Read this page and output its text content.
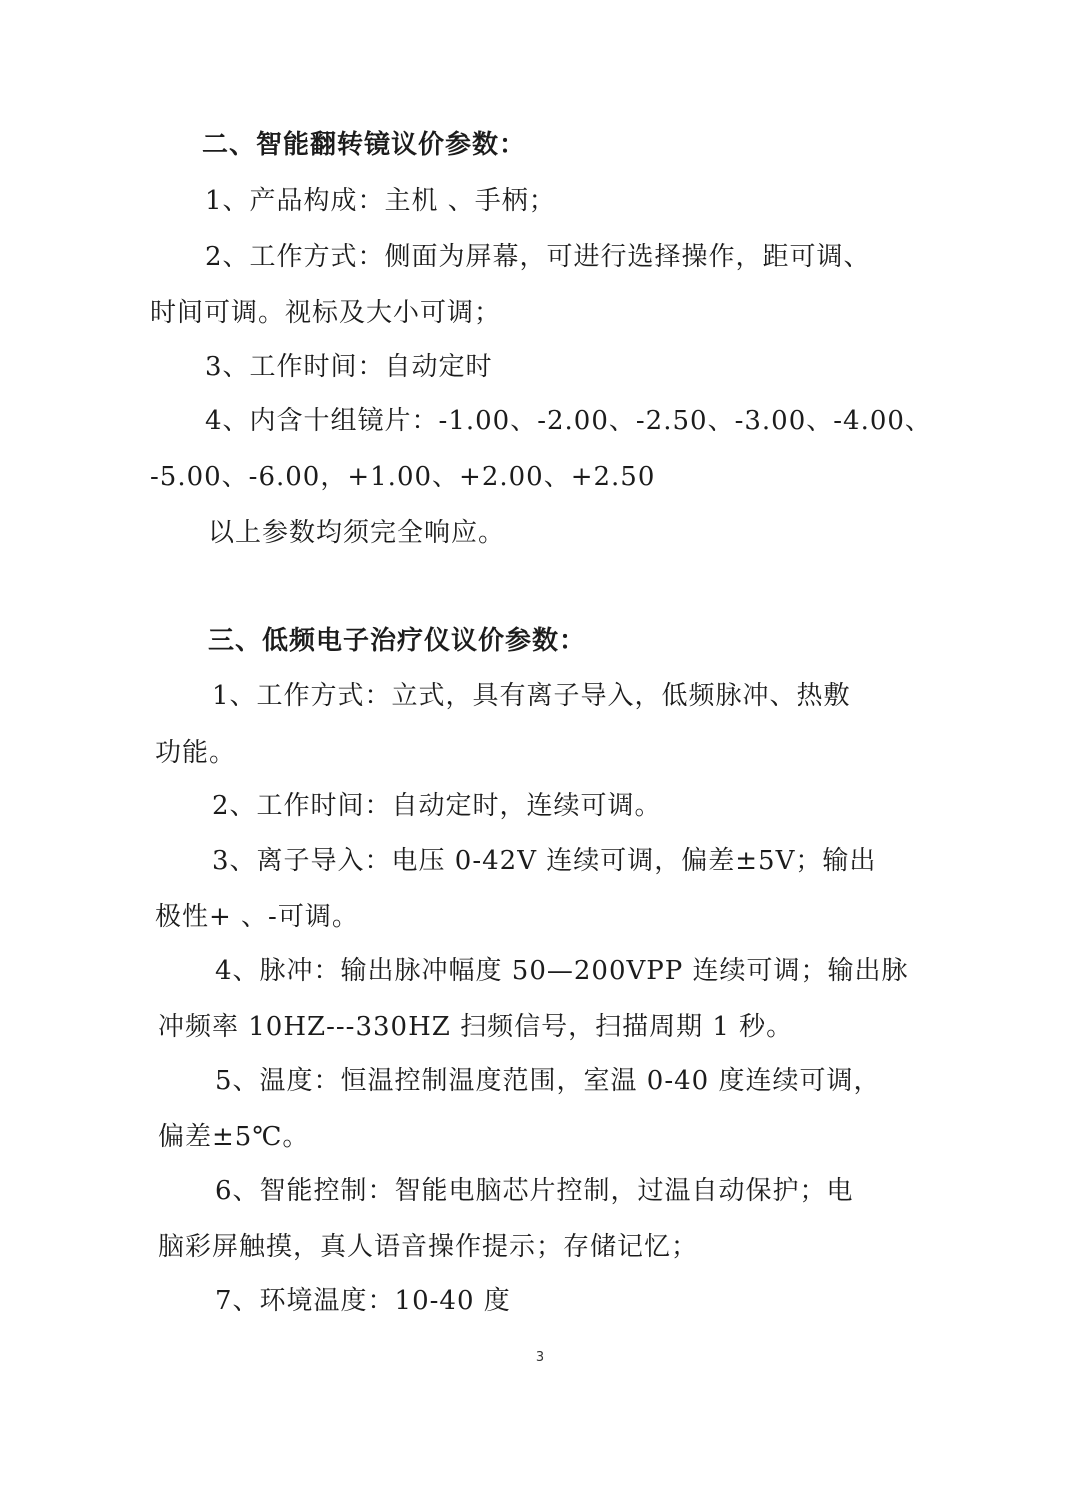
二、智能翻转镜议价参数：
1、产品构成：主机 、手柄；
2、工作方式：侧面为屏幕，可进行选择操作，距可调、
时间可调。视标及大小可调；
3、工作时间：自动定时
4、内含十组镜片：-1.00、-2.00、-2.50、-3.00、-4.00、
-5.00、-6.00，+1.00、+2.00、+2.50
以上参数均须完全响应。
三、低频电子治疗仪议价参数：
1、工作方式：立式，具有离子导入，低频脉冲、热敷
功能。
2、工作时间：自动定时，连续可调。
3、离子导入：电压 0-42V 连续可调，偏差±5V；输出
极性+ 、-可调。
4、脉冲：输出脉冲幅度 50—200VPP 连续可调；输出脉
冲频率 10HZ---330HZ 扫频信号，扫描周期 1 秒。
5、温度：恒温控制温度范围，室温 0-40 度连续可调，
偏差±5℃。
6、智能控制：智能电脑芯片控制，过温自动保护；电
脑彩屏触摸，真人语音操作提示；存储记忆；
7、环境温度：10-40 度
3
